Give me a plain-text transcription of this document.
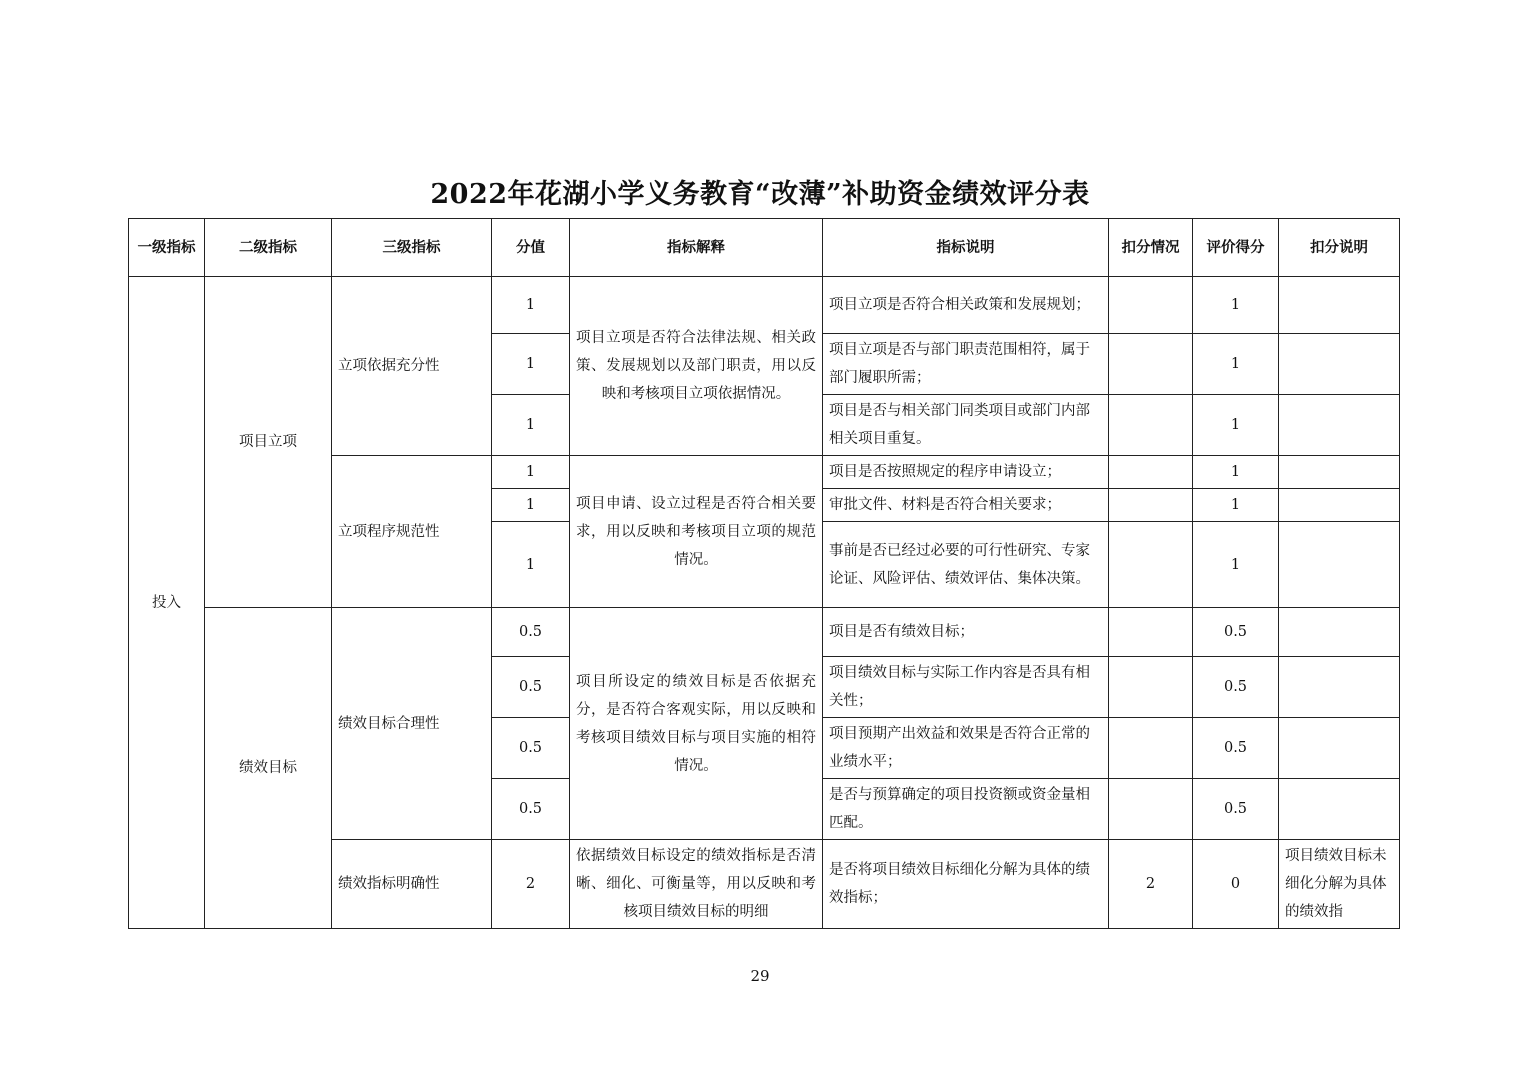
2022年花湖小学义务教育“改薄”补助资金绩效评分表
一级指标	二级指标	三级指标	分值	指标解释	指标说明	扣分情况	评价得分	扣分说明
投入	项目立项	立项依据充分性	1	项目立项是否符合法律法规、相关政策、发展规划以及部门职责，用以反映和考核项目立项依据情况。	项目立项是否符合相关政策和发展规划；		1	
			1		项目立项是否与部门职责范围相符，属于部门履职所需；		1	
			1		项目是否与相关部门同类项目或部门内部相关项目重复。		1	
		立项程序规范性	1	项目申请、设立过程是否符合相关要求，用以反映和考核项目立项的规范情况。	项目是否按照规定的程序申请设立；		1	
			1		审批文件、材料是否符合相关要求；		1	
			1		事前是否已经过必要的可行性研究、专家论证、风险评估、绩效评估、集体决策。		1	
	绩效目标	绩效目标合理性	0.5	项目所设定的绩效目标是否依据充分，是否符合客观实际，用以反映和考核项目绩效目标与项目实施的相符情况。	项目是否有绩效目标；		0.5	
			0.5		项目绩效目标与实际工作内容是否具有相关性；		0.5	
			0.5		项目预期产出效益和效果是否符合正常的业绩水平；		0.5	
			0.5		是否与预算确定的项目投资额或资金量相匹配。		0.5	
		绩效指标明确性	2	依据绩效目标设定的绩效指标是否清晰、细化、可衡量等，用以反映和考核项目绩效目标的明细	是否将项目绩效目标细化分解为具体的绩效指标；	2	0	项目绩效目标未细化分解为具体的绩效指
29
